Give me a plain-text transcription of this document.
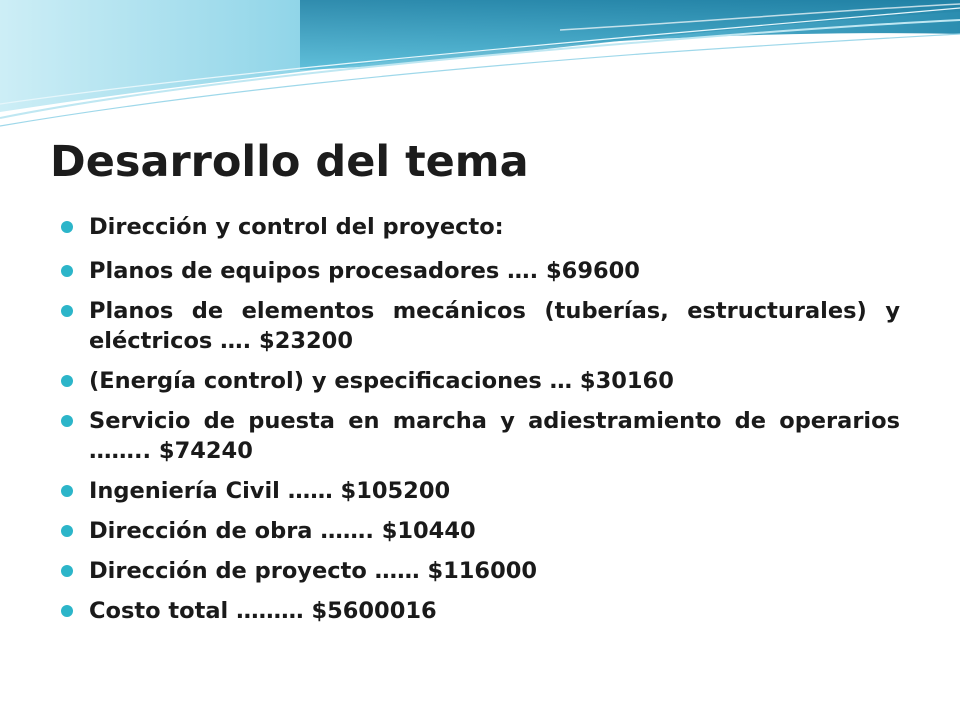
Desarrollo del tema
Dirección y control del proyecto:
Planos de equipos procesadores …. $69600
Planos de elementos mecánicos (tuberías, estructurales) y eléctricos …. $23200
(Energía control) y especificaciones … $30160
Servicio de puesta en marcha y adiestramiento de operarios …….. $74240
Ingeniería Civil …… $105200
Dirección de obra ……. $10440
Dirección de proyecto …… $116000
Costo total ……… $5600016
